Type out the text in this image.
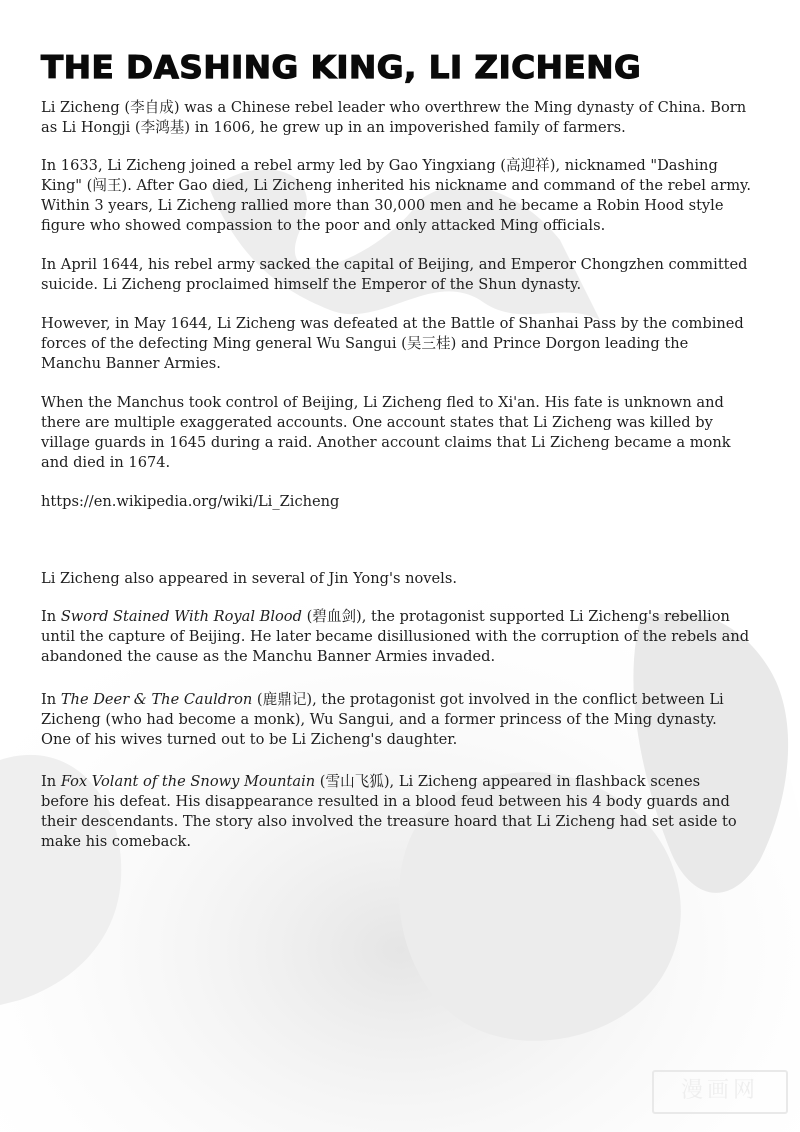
THE DASHING KING, LI ZICHENG

Li Zicheng (李自成) was a Chinese rebel leader who overthrew the Ming dynasty of China. Born as Li Hongji (李鸿基) in 1606, he grew up in an impoverished family of farmers.

In 1633, Li Zicheng joined a rebel army led by Gao Yingxiang (高迎祥), nicknamed "Dashing King" (闯王). After Gao died, Li Zicheng inherited his nickname and command of the rebel army. Within 3 years, Li Zicheng rallied more than 30,000 men and he became a Robin Hood style figure who showed compassion to the poor and only attacked Ming officials.

In April 1644, his rebel army sacked the capital of Beijing, and Emperor Chongzhen committed suicide. Li Zicheng proclaimed himself the Emperor of the Shun dynasty.

However, in May 1644, Li Zicheng was defeated at the Battle of Shanhai Pass by the combined forces of the defecting Ming general Wu Sangui (吴三桂) and Prince Dorgon leading the Manchu Banner Armies.

When the Manchus took control of Beijing, Li Zicheng fled to Xi'an. His fate is unknown and there are multiple exaggerated accounts. One account states that Li Zicheng was killed by village guards in 1645 during a raid. Another account claims that Li Zicheng became a monk and died in 1674.

https://en.wikipedia.org/wiki/Li_Zicheng

Li Zicheng also appeared in several of Jin Yong's novels.

In Sword Stained With Royal Blood (碧血剑), the protagonist supported Li Zicheng's rebellion until the capture of Beijing. He later became disillusioned with the corruption of the rebels and abandoned the cause as the Manchu Banner Armies invaded.

In The Deer & The Cauldron (鹿鼎记), the protagonist got involved in the conflict between Li Zicheng (who had become a monk), Wu Sangui, and a former princess of the Ming dynasty. One of his wives turned out to be Li Zicheng's daughter.

In Fox Volant of the Snowy Mountain (雪山飞狐), Li Zicheng appeared in flashback scenes before his defeat. His disappearance resulted in a blood feud between his 4 body guards and their descendants. The story also involved the treasure hoard that Li Zicheng had set aside to make his comeback.

漫画网
